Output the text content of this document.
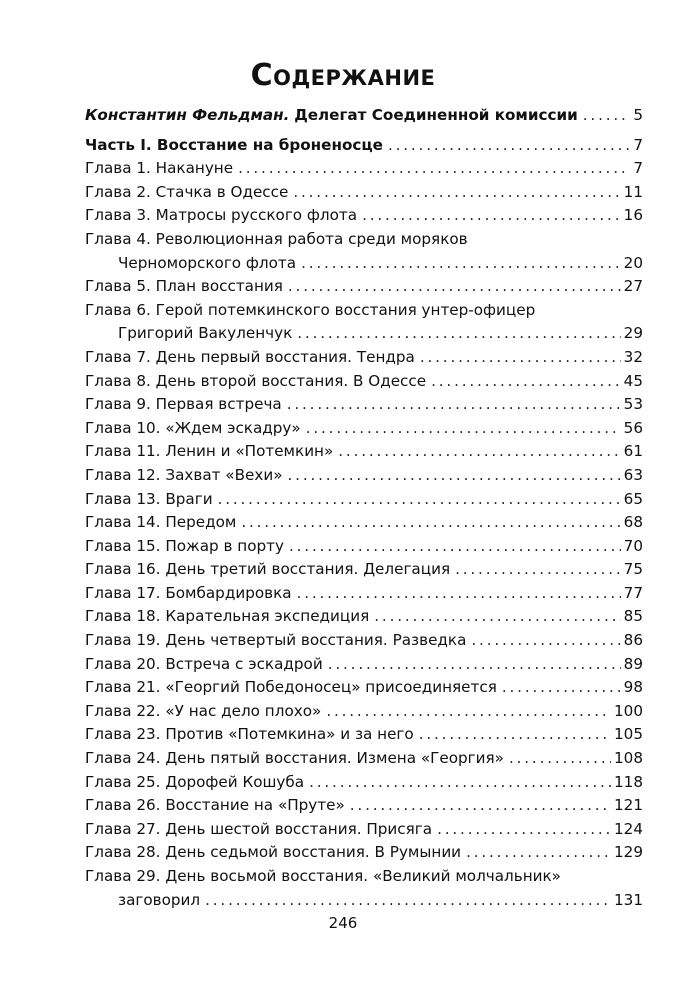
Содержание
Константин Фельдман. Делегат Соединенной комиссии . . .	5
Часть I. Восстание на броненосце . . .	7
Глава 1. Накануне . . .	7
Глава 2. Стачка в Одессе . . .	11
Глава 3. Матросы русского флота . . .	16
Глава 4. Революционная работа среди моряков
Черноморского флота . . .	20
Глава 5. План восстания . . .	27
Глава 6. Герой потемкинского восстания унтер-офицер
Григорий Вакуленчук . . .	29
Глава 7. День первый восстания. Тендра . . .	32
Глава 8. День второй восстания. В Одессе . . .	45
Глава 9. Первая встреча . . .	53
Глава 10. «Ждем эскадру» . . .	56
Глава 11. Ленин и «Потемкин» . . .	61
Глава 12. Захват «Вехи» . . .	63
Глава 13. Враги . . .	65
Глава 14. Передом . . .	68
Глава 15. Пожар в порту . . .	70
Глава 16. День третий восстания. Делегация . . .	75
Глава 17. Бомбардировка . . .	77
Глава 18. Карательная экспедиция . . .	85
Глава 19. День четвертый восстания. Разведка . . .	86
Глава 20. Встреча с эскадрой . . .	89
Глава 21. «Георгий Победоносец» присоединяется . . .	98
Глава 22. «У нас дело плохо» . . .	100
Глава 23. Против «Потемкина» и за него . . .	105
Глава 24. День пятый восстания. Измена «Георгия» . . .	108
Глава 25. Дорофей Кошуба . . .	118
Глава 26. Восстание на «Пруте» . . .	121
Глава 27. День шестой восстания. Присяга . . .	124
Глава 28. День седьмой восстания. В Румынии . . .	129
Глава 29. День восьмой восстания. «Великий молчальник»
заговорил . . .	131
246
